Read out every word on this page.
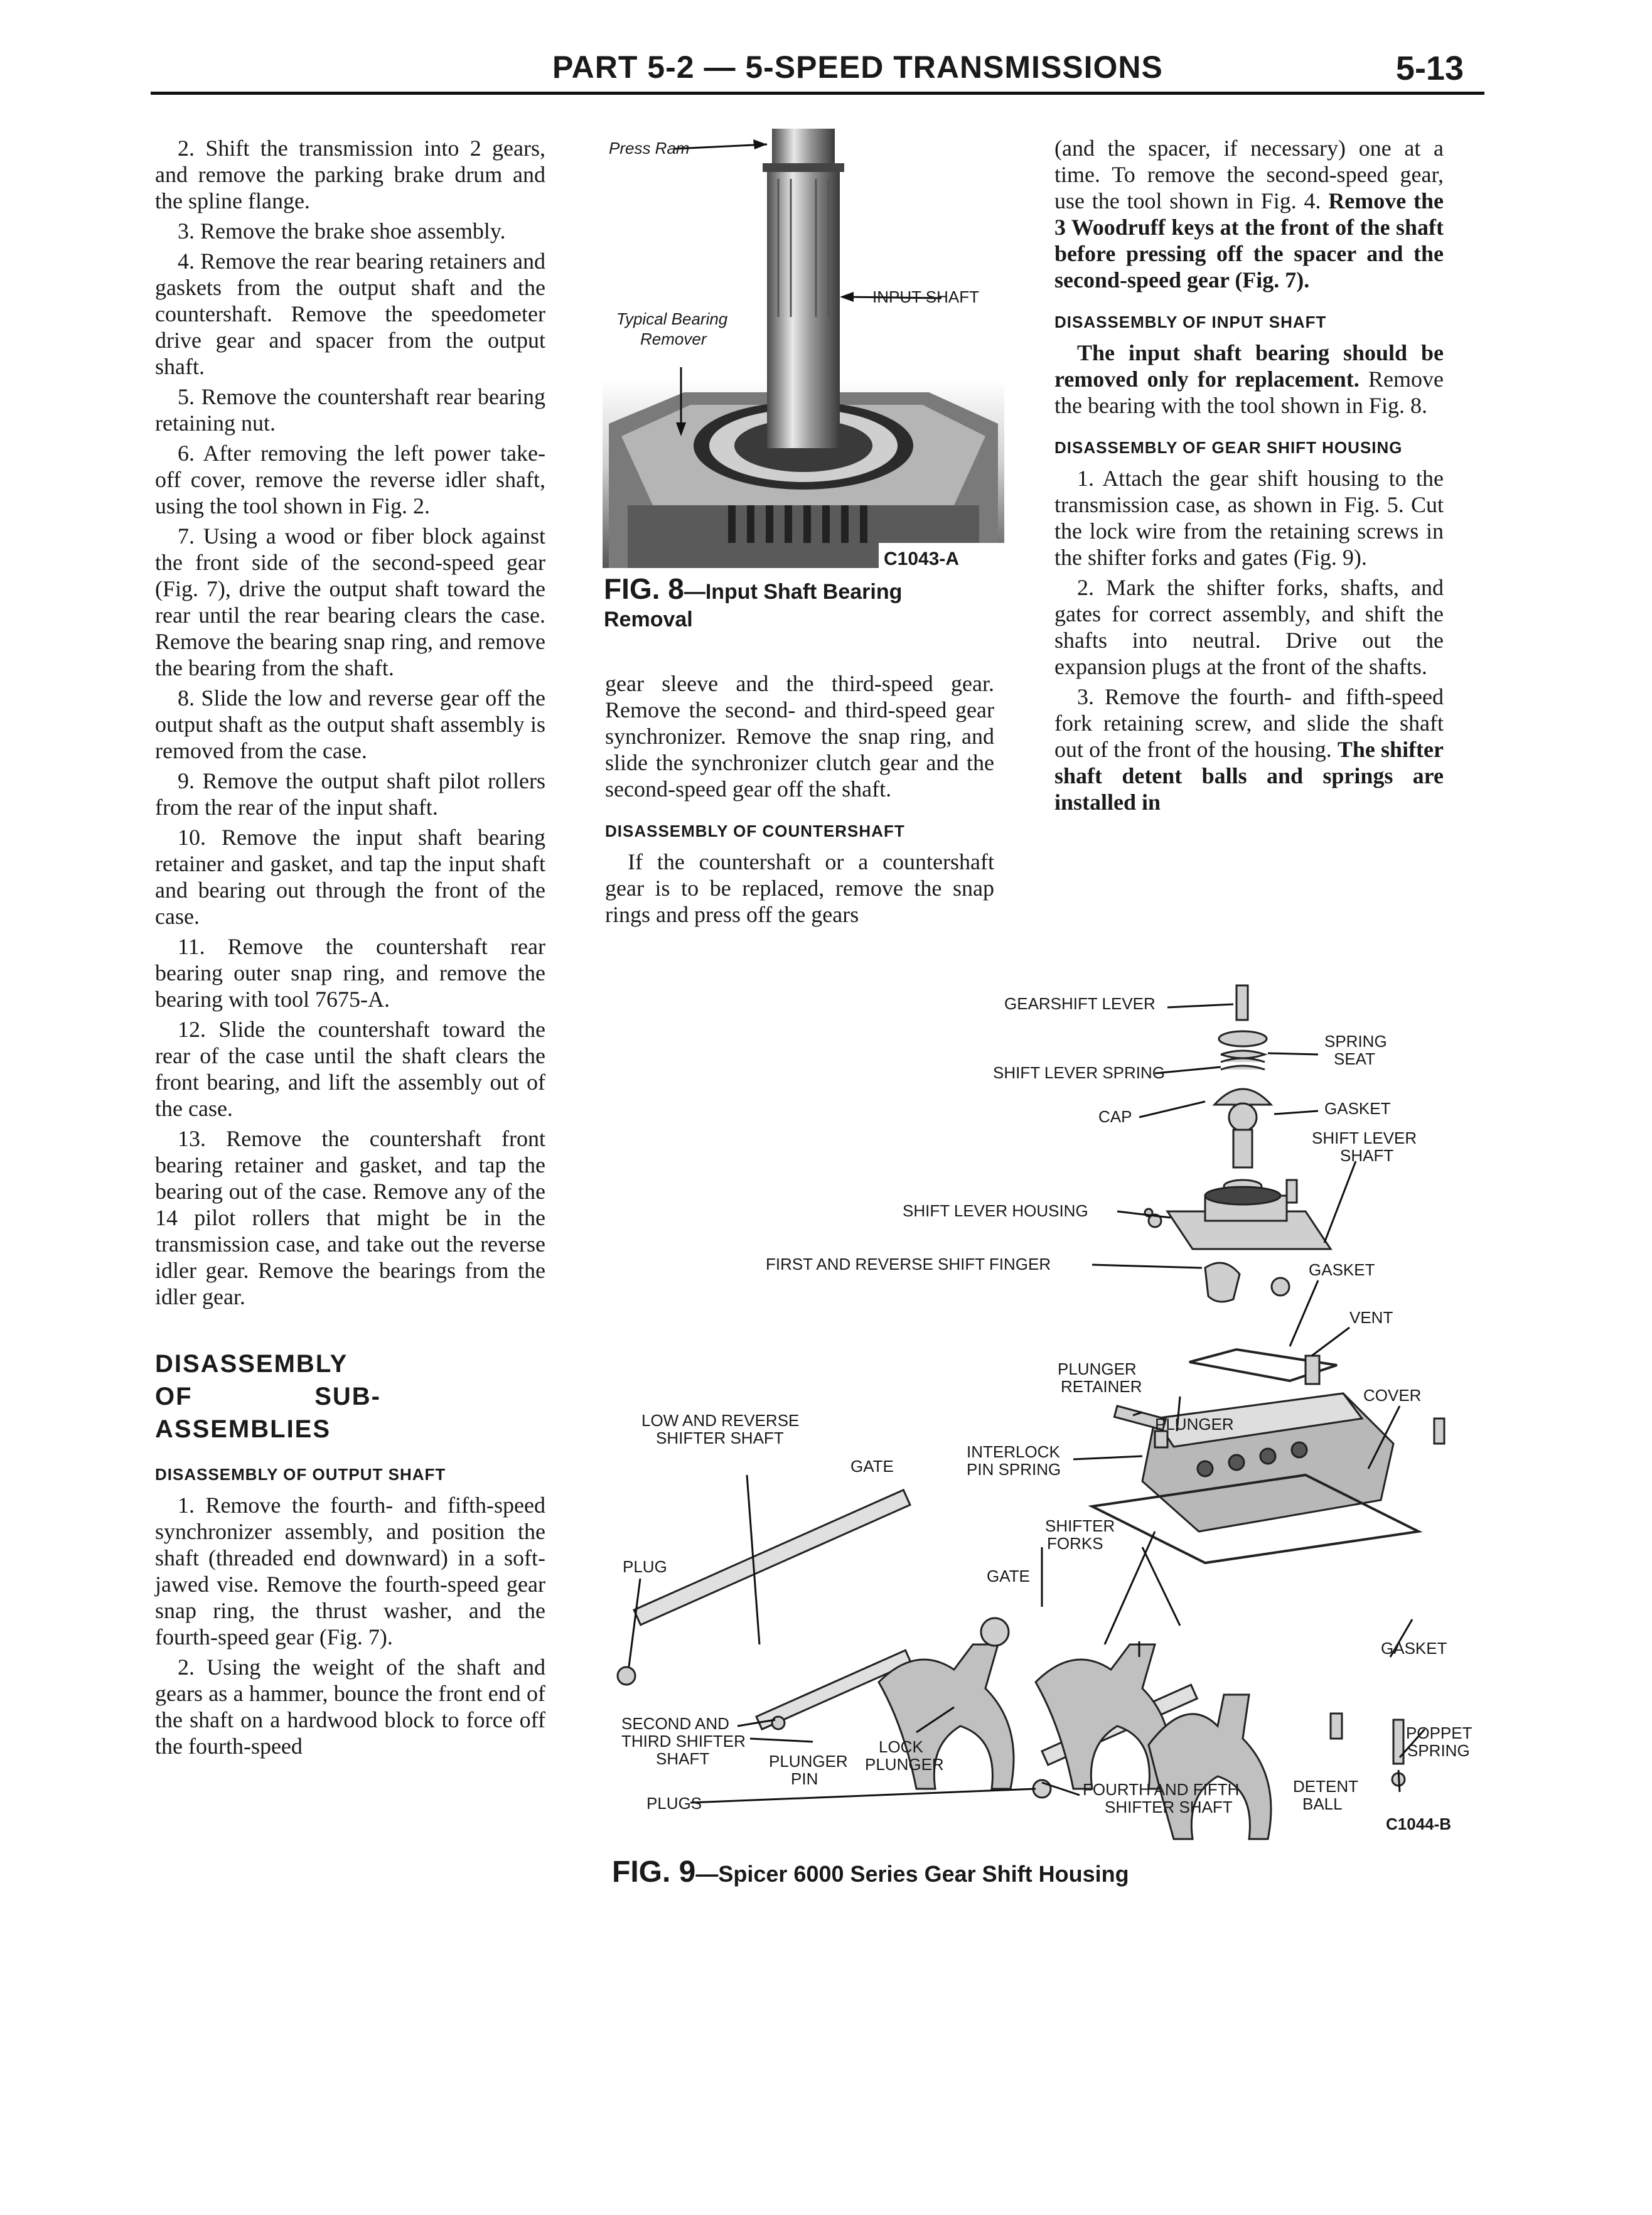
PART 5-2 — 5-SPEED TRANSMISSIONS	5-13

2. Shift the transmission into 2 gears, and remove the parking brake drum and the spline flange.

3. Remove the brake shoe assembly.

4. Remove the rear bearing retainers and gaskets from the output shaft and the countershaft. Remove the speedometer drive gear and spacer from the output shaft.

5. Remove the countershaft rear bearing retaining nut.

6. After removing the left power take-off cover, remove the reverse idler shaft, using the tool shown in Fig. 2.

7. Using a wood or fiber block against the front side of the second-speed gear (Fig. 7), drive the output shaft toward the rear until the rear bearing clears the case. Remove the bearing snap ring, and remove the bearing from the shaft.

8. Slide the low and reverse gear off the output shaft as the output shaft assembly is removed from the case.

9. Remove the output shaft pilot rollers from the rear of the input shaft.

10. Remove the input shaft bearing retainer and gasket, and tap the input shaft and bearing out through the front of the case.

11. Remove the countershaft rear bearing outer snap ring, and remove the bearing with tool 7675-A.

12. Slide the countershaft toward the rear of the case until the shaft clears the front bearing, and lift the assembly out of the case.

13. Remove the countershaft front bearing retainer and gasket, and tap the bearing out of the case. Remove any of the 14 pilot rollers that might be in the transmission case, and take out the reverse idler gear. Remove the bearings from the idler gear.

DISASSEMBLY OF SUB-ASSEMBLIES
DISASSEMBLY OF OUTPUT SHAFT

1. Remove the fourth- and fifth-speed synchronizer assembly, and position the shaft (threaded end downward) in a soft-jawed vise. Remove the fourth-speed gear snap ring, the thrust washer, and the fourth-speed gear (Fig. 7).

2. Using the weight of the shaft and gears as a hammer, bounce the front end of the shaft on a hardwood block to force off the fourth-speed

C1043-A
Press Ram
Typical Bearing
Remover
INPUT SHAFT
FIG. 8—Input Shaft Bearing Removal

gear sleeve and the third-speed gear. Remove the second- and third-speed gear synchronizer. Remove the snap ring, and slide the synchronizer clutch gear and the second-speed gear off the shaft.

DISASSEMBLY OF COUNTERSHAFT

If the countershaft or a countershaft gear is to be replaced, remove the snap rings and press off the gears

(and the spacer, if necessary) one at a time. To remove the second-speed gear, use the tool shown in Fig. 4. Remove the 3 Woodruff keys at the front of the shaft before pressing off the spacer and the second-speed gear (Fig. 7).

DISASSEMBLY OF INPUT SHAFT

The input shaft bearing should be removed only for replacement. Remove the bearing with the tool shown in Fig. 8.

DISASSEMBLY OF GEAR SHIFT HOUSING

1. Attach the gear shift housing to the transmission case, as shown in Fig. 5. Cut the lock wire from the retaining screws in the shifter forks and gates (Fig. 9).

2. Mark the shifter forks, shafts, and gates for correct assembly, and shift the shafts into neutral. Drive out the expansion plugs at the front of the shafts.

3. Remove the fourth- and fifth-speed fork retaining screw, and slide the shaft out of the front of the housing. The shifter shaft detent balls and springs are installed in

GEARSHIFT LEVER
SPRING
SEAT
SHIFT LEVER SPRING
GASKET
CAP
SHIFT LEVER
SHAFT
SHIFT LEVER HOUSING
GASKET
FIRST AND REVERSE SHIFT FINGER
VENT
PLUNGER
RETAINER	COVER
LOW AND REVERSE
SHIFTER SHAFT
PLUNGER
INTERLOCK
PIN SPRING
GATE
SHIFTER
FORKS
PLUG	GATE
GASKET
SECOND AND
THIRD SHIFTER
SHAFT
LOCK
PLUNGER
PLUNGER
PIN
POPPET
SPRING
PLUGS
FOURTH AND FIFTH
SHIFTER SHAFT
DETENT
BALL
C1044-B
FIG. 9—Spicer 6000 Series Gear Shift Housing
